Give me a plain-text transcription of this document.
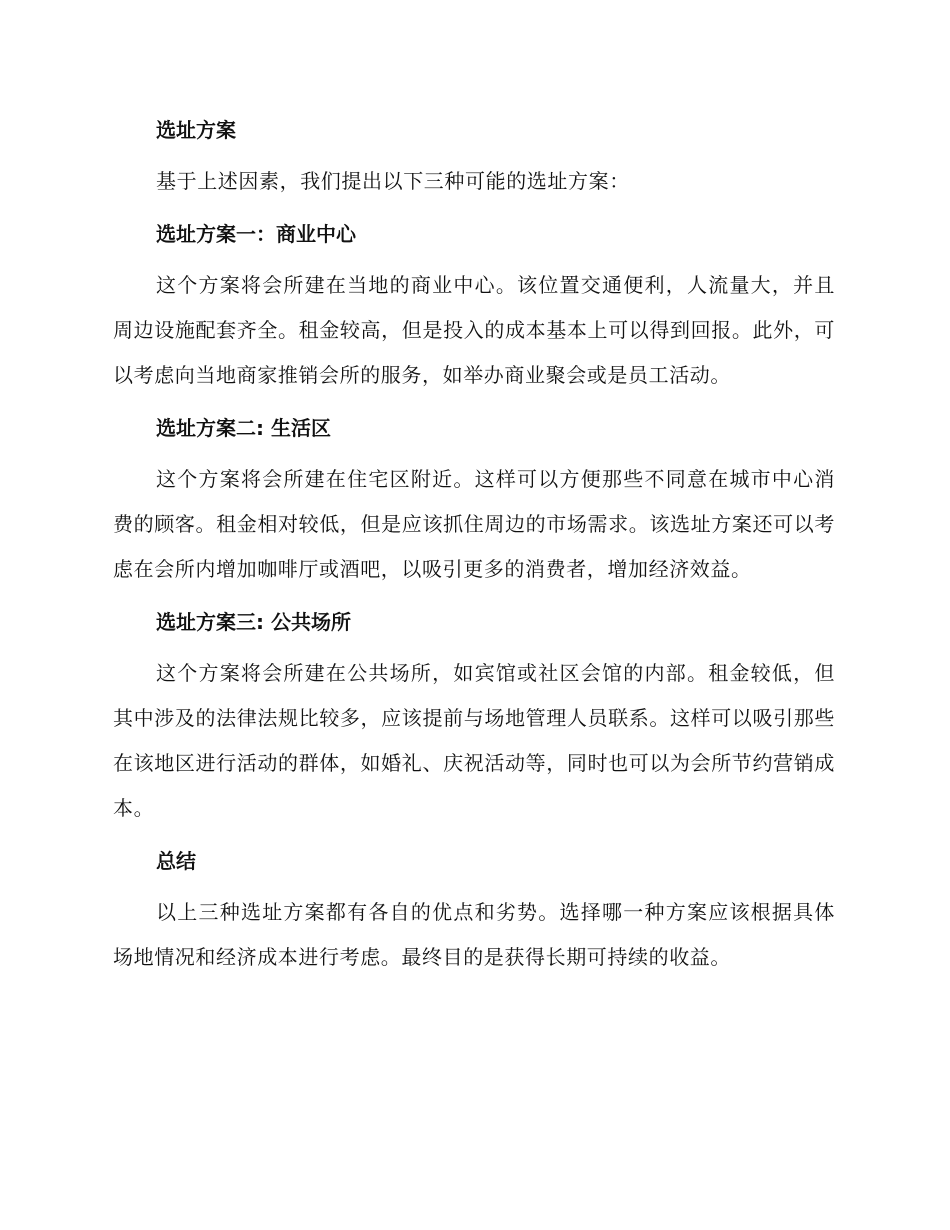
选址方案

基于上述因素，我们提出以下三种可能的选址方案：

选址方案一：商业中心

这个方案将会所建在当地的商业中心。该位置交通便利，人流量大，并且周边设施配套齐全。租金较高，但是投入的成本基本上可以得到回报。此外，可以考虑向当地商家推销会所的服务，如举办商业聚会或是员工活动。

选址方案二: 生活区

这个方案将会所建在住宅区附近。这样可以方便那些不同意在城市中心消费的顾客。租金相对较低，但是应该抓住周边的市场需求。该选址方案还可以考虑在会所内增加咖啡厅或酒吧，以吸引更多的消费者，增加经济效益。

选址方案三: 公共场所

这个方案将会所建在公共场所，如宾馆或社区会馆的内部。租金较低，但其中涉及的法律法规比较多，应该提前与场地管理人员联系。这样可以吸引那些在该地区进行活动的群体，如婚礼、庆祝活动等，同时也可以为会所节约营销成本。

总结

以上三种选址方案都有各自的优点和劣势。选择哪一种方案应该根据具体场地情况和经济成本进行考虑。最终目的是获得长期可持续的收益。
